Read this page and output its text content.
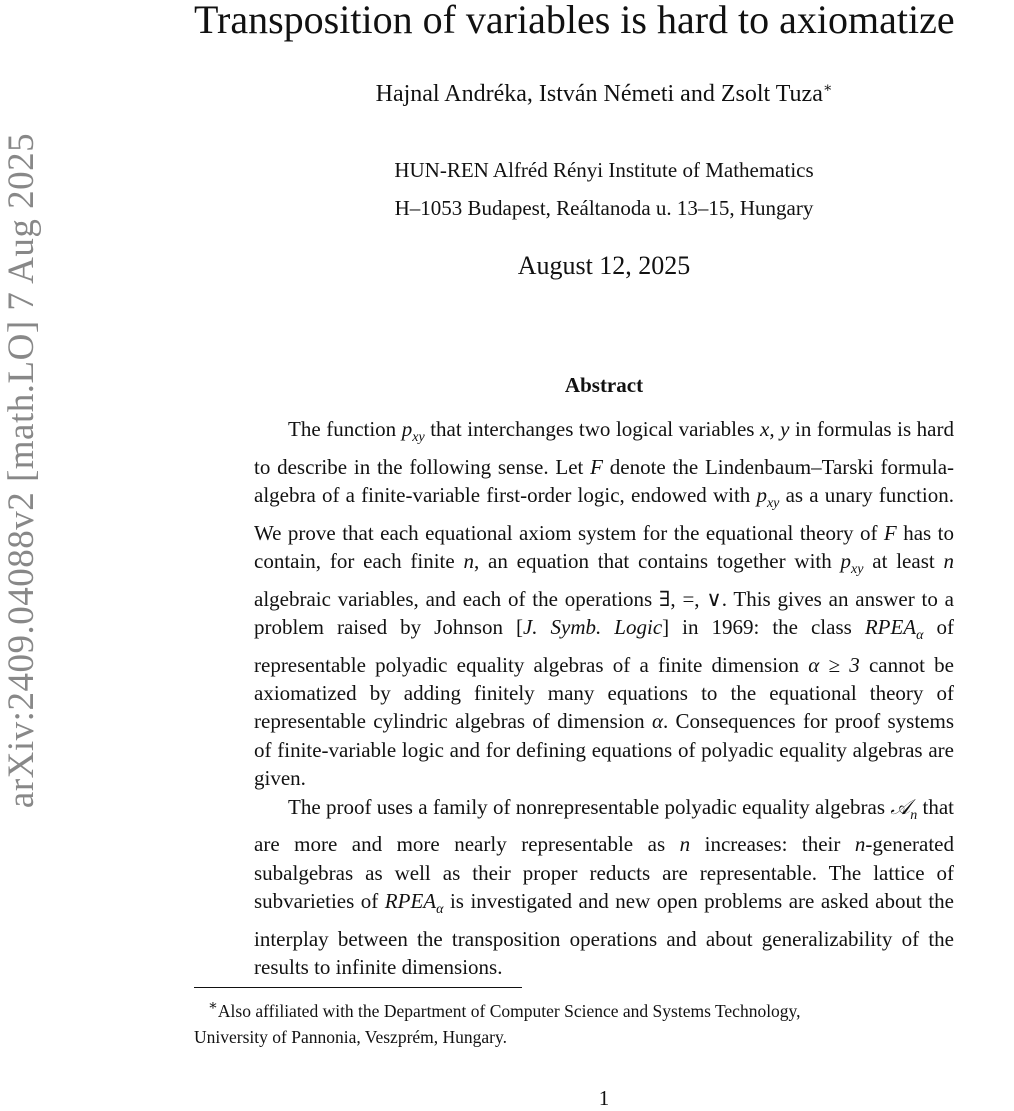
arXiv:2409.04088v2 [math.LO] 7 Aug 2025
Transposition of variables is hard to axiomatize
Hajnal Andréka, István Németi and Zsolt Tuza∗
HUN-REN Alfréd Rényi Institute of Mathematics
H–1053 Budapest, Reáltanoda u. 13–15, Hungary
August 12, 2025
Abstract

The function $p_{xy}$ that interchanges two logical variables x, y in formulas is hard to describe in the following sense. Let F denote the Lindenbaum–Tarski formula-algebra of a finite-variable first-order logic, endowed with $p_{xy}$ as a unary function. We prove that each equational axiom system for the equational theory of F has to contain, for each finite n, an equation that contains together with $p_{xy}$ at least n algebraic variables, and each of the operations ∃, =, ∨. This gives an answer to a problem raised by Johnson [J. Symb. Logic] in 1969: the class $RPEA_\alpha$ of representable polyadic equality algebras of a finite dimension α ≥ 3 cannot be axiomatized by adding finitely many equations to the equational theory of representable cylindric algebras of dimension α. Consequences for proof systems of finite-variable logic and for defining equations of polyadic equality algebras are given.

The proof uses a family of nonrepresentable polyadic equality algebras 𝒜$_n$ that are more and more nearly representable as n increases: their n-generated subalgebras as well as their proper reducts are representable. The lattice of subvarieties of $RPEA_\alpha$ is investigated and new open problems are asked about the interplay between the transposition operations and about generalizability of the results to infinite dimensions.

∗Also affiliated with the Department of Computer Science and Systems Technology,
University of Pannonia, Veszprém, Hungary.
1
